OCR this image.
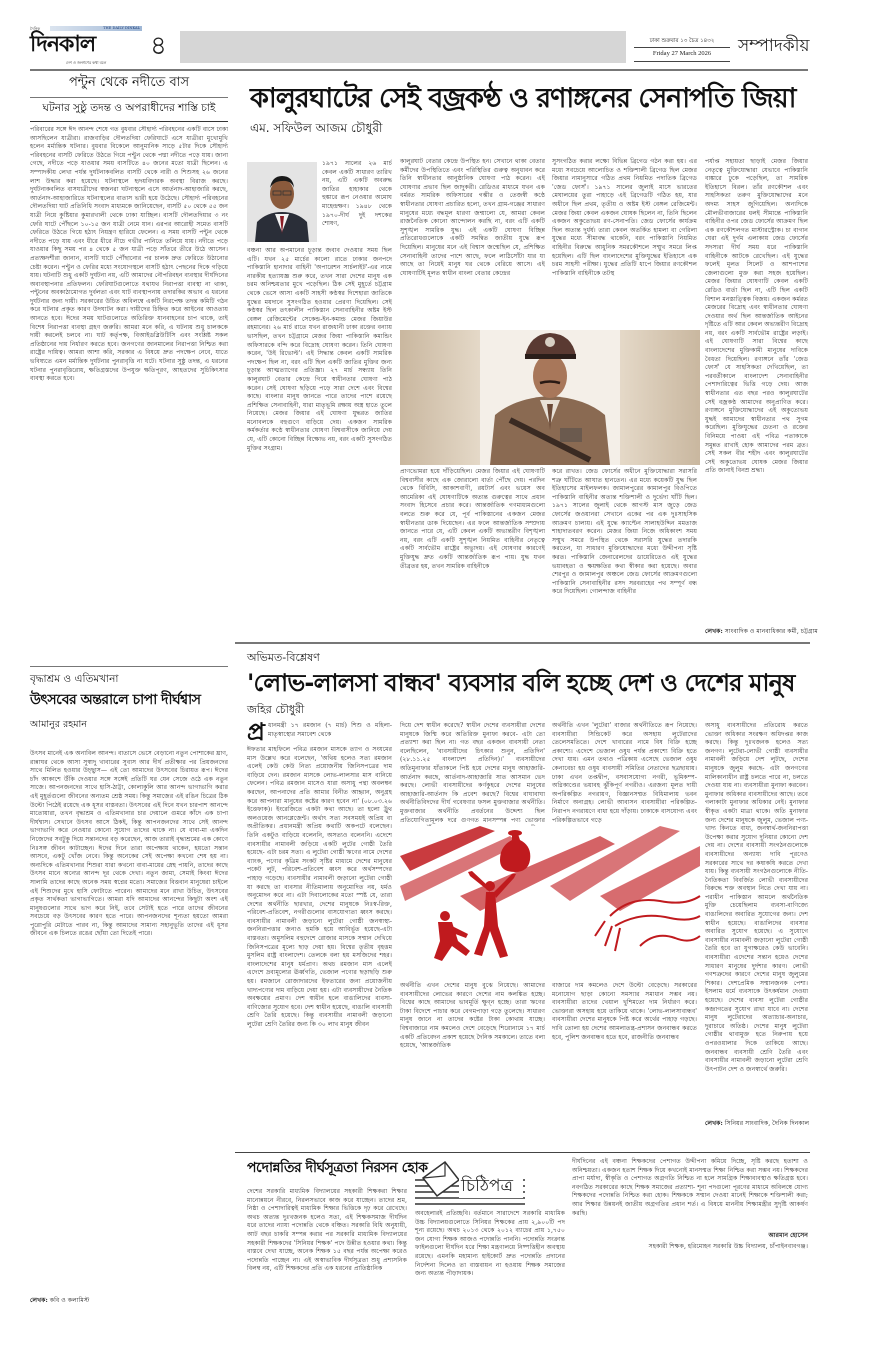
দৈনিক	THE DAILY DINKAL
দিনকাল
দেশ ও জনগণের কথা বলে
৪	ঢাকা শুক্রবার ১৩ চৈত্র ১৪৩২
Friday 27 March 2026	সম্পাদকীয়
পন্টুন থেকে নদীতে বাস
ঘটনার সুষ্ঠু তদন্ত ও অপরাধীদের শাস্তি চাই
পরিবারের সঙ্গে ঈদ আনন্দ শেষে গত বুধবার সৌহার্দ্য পরিবহনের একটি বাসে ঢাকা আসছিলেন যাত্রীরা। রাজবাড়ির দৌলতদিয়া ফেরিঘাটে এসে যাত্রীরা মুখোমুখি হলেন মর্মান্তিক ঘটনার। বুধবার বিকেলে আনুমানিক সাড়ে ৫টার দিকে সৌহার্দ্য পরিবহনের বাসটি ফেরিতে উঠতে গিয়ে পন্টুন থেকে পদ্মা নদীতে পড়ে যায়। জানা গেছে, নদীতে পড়ে যাওয়ার সময় বাসটিতে ৪০ জনের মতো যাত্রী ছিলেন। এ সম্পাদকীয় লেখা পর্যন্ত দুর্ঘটনাকবলিত বাসটি থেকে নারী ও শিশুসহ ২৬ জনের লাশ উদ্ধার করা হয়েছে। ঘটনাস্থলে হৃদয়বিদারক অবস্থা বিরাজ করছে। দুর্ঘটনাকবলিত বাসযাত্রীদের স্বজনরা ঘটনাস্থলে এসে আর্তনাদ-আহাজারি করছে, আর্তনাদ-আহাজারিতে ঘটনাস্থলের বাতাস ভারী হয়ে উঠেছে। সৌহার্দ্য পরিবহনের দৌলতদিয়া ঘাট প্রতিনিধি সংবাদ মাধ্যমকে জানিয়েছেন, বাসটি ৫০ থেকে ৫৫ জন যাত্রী নিয়ে কুষ্টিয়ার কুমারখালী থেকে ঢাকা যাচ্ছিল। বাসটি দৌলতদিয়ার ৩ নং ফেরি ঘাটে পৌঁছলে ১০-১৫ জন যাত্রী নেমে যান। এরপর আরোহী সমেত বাসটি ফেরিতে উঠতে গিয়ে হঠাৎ নিয়ন্ত্রণ হারিয়ে ফেলেন। এ সময় বাসটি পন্টুন থেকে নদীতে পড়ে যায় এবং ধীরে ধীরে নীচে গভীর পানিতে তলিয়ে যায়। নদীতে পড়ে যাওয়ার কিছু সময় পর ৪ থেকে ৫ জন যাত্রী পড়ে সাঁতরে তীরে উঠে আসেন। প্রত্যক্ষদর্শীরা জানান, বাসটি ঘাটে পৌঁছানোর পর চালক দ্রুত ফেরিতে উঠানোর চেষ্টা করেন। পন্টুন ও ফেরির মধ্যে সংযোগস্থলে বাসটি হঠাৎ পেছনের দিকে গড়িয়ে যায়। ঘটনাটি শুধু একটি দুর্ঘটনা নয়, এটি আমাদের নৌপরিবহন ব্যবস্থার দীর্ঘদিনের অব্যবস্থাপনার প্রতিফলন। ফেরিঘাটগুলোতে যথাযথ নিরাপত্তা ব্যবস্থা না থাকা, পন্টুনের অবকাঠামোগত দুর্বলতা এবং ঘাট ব্যবস্থাপনায় তদারকির অভাব এ ধরনের দুর্ঘটনার জন্য দায়ী। সরকারের উচিত অবিলম্বে একটি নিরপেক্ষ তদন্ত কমিটি গঠন করে ঘটনার প্রকৃত কারণ উদঘাটন করা। দায়ীদের চিহ্নিত করে আইনের আওতায় আনতে হবে। ঈদের সময় ঘাটগুলোতে অতিরিক্ত যানবাহনের চাপ থাকে, তাই বিশেষ নিরাপত্তা ব্যবস্থা গ্রহণ জরুরি। আমরা মনে করি, এ ঘটনায় শুধু চালককে দায়ী করলেই চলবে না। ঘাট কর্তৃপক্ষ, বিআইডব্লিউটিসি এবং সংশ্লিষ্ট সকল প্রতিষ্ঠানের দায় নির্ধারণ করতে হবে। জনগণের জানমালের নিরাপত্তা নিশ্চিত করা রাষ্ট্রের দায়িত্ব। আমরা আশা করি, সরকার এ বিষয়ে দ্রুত পদক্ষেপ নেবে, যাতে ভবিষ্যতে এমন মর্মান্তিক দুর্ঘটনার পুনরাবৃত্তি না ঘটে। ঘটনার সুষ্ঠু তদন্ত, এ ধরনের ঘটনার পুনরাবৃত্তিরোধ, ক্ষতিগ্রস্তদের উপযুক্ত ক্ষতিপূরণ, আহতদের সুচিকিৎসার ব্যবস্থা করতে হবে।
বৃদ্ধাশ্রম ও এতিমখানা
উৎসবের অন্তরালে চাপা দীর্ঘশ্বাস
আমানুর রহমান
উৎসব মানেই এক অনাবিল আনন্দ। বাতাসে ভেসে বেড়ানো নতুন পোশাকের ঘ্রাণ, রান্নাঘর থেকে আসা সুস্বাদু খাবারের সুবাস আর দীর্ঘ প্রতীক্ষার পর প্রিয়জনদের সাথে মিলিত হওয়ার উচ্ছ্বাস— এই তো আমাদের উৎসবের চিরায়ত রূপ। ঈদের চাঁদ আকাশে উঁকি দেওয়ার সঙ্গে সঙ্গেই প্রতিটি ঘর যেন সেজে ওঠে এক নতুন সাজে। আপনজনদের সাথে হাসি-ঠাট্টা, কোলাকুলি আর আনন্দ ভাগাভাগি করার এই মুহূর্তগুলো জীবনের অন্যতম শ্রেষ্ঠ সময়। কিন্তু সমাজের এই রঙিন চিত্রের ঠিক উল্টো পিঠেই রয়েছে এক ধূসর বাস্তবতা। উৎসবের এই দিনে যখন চারপাশ আনন্দে মাতোয়ারা, তখন বৃদ্ধাশ্রম ও এতিমখানার চার দেয়ালে গুমরে কাঁদে এক চাপা দীর্ঘশ্বাস। সেখানে উৎসব আসে ঠিকই, কিন্তু আপনজনদের সাথে সেই আনন্দ ভাগাভাগি করে নেওয়ার কোনো সুযোগ তাদের থাকে না। যে বাবা-মা একদিন নিজেদের সবটুকু দিয়ে সন্তানদের বড় করেছেন, আজ তারাই বৃদ্ধাশ্রমের এক কোণে নিঃসঙ্গ জীবন কাটাচ্ছেন। ঈদের দিনে তারা অপেক্ষায় থাকেন, হয়তো সন্তান আসবে, একটু খোঁজ নেবে। কিন্তু অনেকের সেই অপেক্ষা কখনো শেষ হয় না। অন্যদিকে এতিমখানার শিশুরা যারা কখনো বাবা-মায়ের স্নেহ পায়নি, তাদের কাছে উৎসব মানে অন্যের আনন্দ দূর থেকে দেখা। নতুন জামা, সেমাই কিংবা ঈদের সালামি তাদের কাছে অনেক সময় স্বপ্নের মতো। সমাজের বিত্তবান মানুষেরা চাইলে এই শিশুদের মুখে হাসি ফোটাতে পারেন। আমাদের মনে রাখা উচিত, উৎসবের প্রকৃত সার্থকতা ভাগাভাগিতে। আমরা যদি আমাদের আনন্দের কিছুটা অংশ এই মানুষগুলোর সাথে ভাগ করে নিই, তবে সেটাই হতে পারে তাদের জীবনের সবচেয়ে বড় উৎসবের কারণ হতে পারে। আপনজনদের শূন্যতা হয়তো আমরা পুরোপুরি মেটাতে পারব না, কিন্তু আমাদের সামান্য সহানুভূতি তাদের এই ধূসর জীবনে এক চিলতে রঙের ছোঁয়া তো দিতেই পারে।
লেখক: কবি ও কলামিস্ট
কালুরঘাটের সেই বজ্রকণ্ঠ ও রণাঙ্গনের সেনাপতি জিয়া
এম. সফিউল আজম চৌধুরী
১৯৭১ সালের ২৬ মার্চ কেবল একটি সাধারণ তারিখ নয়, এটি একটি অবরুদ্ধ জাতির হাহাকার থেকে হুঙ্কারে রূপ নেওয়ার অমোঘ মাহেন্দ্রক্ষণ। ১৯৪৮ থেকে ১৯৭০-দীর্ঘ দুই দশকের শোষণ,
বঞ্চনা আর অপমানের চূড়ান্ত জবাব দেওয়ার সময় ছিল এটি। যখন ২৫ মার্চের কালো রাতে ঢাকার জনপদে পাকিস্তানি হানাদার বাহিনী 'অপারেশন সার্চলাইট'-এর নামে নারকীয় হত্যাযজ্ঞ শুরু করে, তখন সারা দেশের মানুষ এক চরম অনিশ্চয়তার মুখে পড়েছিল। ঠিক সেই মুহূর্তে চট্টগ্রাম থেকে ভেসে আসা একটি সাহসী কণ্ঠস্বর দিশেহারা জাতিকে যুদ্ধের ময়দানে সুসংগঠিত হওয়ার প্রেরণা দিয়েছিল। সেই কণ্ঠস্বর ছিল তৎকালীন পাকিস্তান সেনাবাহিনীর অষ্টম ইস্ট বেঙ্গল রেজিমেন্টের সেকেন্ড-ইন-কমান্ড মেজর জিয়াউর রহমানের। ২৬ মার্চ রাতে যখন রাজধানী ঢাকা রক্তের বন্যায় ভাসছিল, তখন চট্টগ্রামে মেজর জিয়া পাকিস্তানি কমান্ডিং অফিসারকে বন্দি করে বিদ্রোহ ঘোষণা করেন। তিনি ঘোষণা করেন, 'উই রিভোল্ট'। এই সিদ্ধান্ত কেবল একটি সামরিক পদক্ষেপ ছিল না, বরং এটি ছিল একটি জাতির মুক্তির জন্য চূড়ান্ত আত্মত্যাগের প্রতিজ্ঞা। ২৭ মার্চ সন্ধ্যায় তিনি কালুরঘাট বেতার কেন্দ্রে গিয়ে স্বাধীনতার ঘোষণা পাঠ করেন। সেই ঘোষণা ছড়িয়ে পড়ে সারা দেশে এবং বিশ্বের কাছে। বাংলার মানুষ জানতে পারে তাদের পাশে রয়েছে প্রশিক্ষিত সেনাবাহিনী, যারা মাতৃভূমি রক্ষায় অস্ত্র হাতে তুলে নিয়েছে। মেজর জিয়ার এই ঘোষণা যুদ্ধরত জাতির মনোবলকে বহুগুণে বাড়িয়ে দেয়। একজন সামরিক কর্মকর্তার কণ্ঠে স্বাধীনতার ঘোষণা বিশ্ববাসীকে জানিয়ে দেয় যে, এটি কোনো বিচ্ছিন্ন বিক্ষোভ নয়, বরং একটি সুসংগঠিত মুক্তির সংগ্রাম।
কালুরঘাট বেতার কেন্দ্রে উপস্থিত হন। সেখানে থাকা বেতার কর্মীদের উপস্থিতিতে এবং পরিস্থিতির গুরুত্ব অনুধাবন করে তিনি স্বাধীনতার আনুষ্ঠানিক ঘোষণা পাঠ করেন। এই ঘোষণার প্রভাব ছিল জাদুকরী। রেডিওর মাধ্যমে যখন এক বর্মরত সামরিক অফিসারের গম্ভীর ও তেজস্বী কণ্ঠে স্বাধীনতার ঘোষণা প্রচারিত হলো, তখন গ্রাম-গঞ্জের সাধারণ মানুষের মধ্যে বদ্ধমূল ধারণা জন্মালো যে, আমরা কেবল রাজনৈতিক কোনো আন্দোলন করছি না, বরং এটি একটি সুশৃঙ্খল সামরিক যুদ্ধ। এই একটি ঘোষণা বিচ্ছিন্ন প্রতিরোধগুলোকে একটি সমন্বিত জাতীয় যুদ্ধে রূপ দিয়েছিল। মানুষের মনে এই বিশ্বাস জন্মেছিল যে, প্রশিক্ষিত সেনাবাহিনী তাদের পাশে আছে, ফলে লাঠিসোঁটা যার যা আছে তা নিয়েই মানুষ ঘর থেকে বেরিয়ে আসে। এই ঘোষণাটিই মূলত স্বাধীন বাংলা বেতার কেন্দ্রের
সুসংগঠিত করার লক্ষ্যে বিভিন্ন ব্রিগেড গঠন করা হয়। এর মধ্যে সবচেয়ে আলোচিত ও শক্তিশালী ব্রিগেড ছিল মেজর জিয়ার নামানুসারে গঠিত প্রথম নিয়মিত পদাতিক ব্রিগেড 'জেড ফোর্স'। ১৯৭১ সালের জুলাই মাসে ভারতের মেঘালয়ের তুরা পাহাড়ে এই ব্রিগেডটি গঠিত হয়, যার অধীনে ছিল প্রথম, তৃতীয় ও অষ্টম ইস্ট বেঙ্গল রেজিমেন্ট। মেজর জিয়া কেবল একজন ঘোষক ছিলেন না, তিনি ছিলেন একজন অকুতোভয় রণ-সেনাপতি। জেড ফোর্সের কার্যক্রম ছিল অত্যন্ত দুর্ধর্ষ। তারা কেবল অতর্কিত হামলা বা গেরিলা যুদ্ধের মধ্যে সীমাবদ্ধ থাকেনি, বরং পাকিস্তানি নিয়মিত বাহিনীর বিরুদ্ধে আধুনিক সমরকৌশলে সম্মুখ সমরে লিপ্ত হয়েছিল। এটি ছিল বাংলাদেশের মুক্তিযুদ্ধের ইতিহাসে এক চরম সাহসী পরীক্ষা। যুদ্ধের প্রতিটি ধাপে জিয়ার রণকৌশল পাকিস্তানি বাহিনীকে তটস্থ
পর্যাপ্ত সহায়তা ছাড়াই মেজর জিয়ার নেতৃত্বে মুক্তিযোদ্ধারা যেভাবে পাকিস্তানি বাঙ্কারে ঢুকে পড়েছিল, তা সামরিক ইতিহাসে বিরল। তাঁর রণকৌশল এবং সাহসিকতা তরুণ মুক্তিযোদ্ধাদের মনে অদম্য সাহস জুগিয়েছিল। অন্যদিকে মৌলভীবাজারের ধলই সীমান্তে পাকিস্তানি বাহিনীর ওপর জেড ফোর্সের আক্রমণ ছিল এক রণকৌশলগত মাস্টারস্ট্রোক। চা বাগান ঘেরা এই দুর্গম এলাকায় জেড ফোর্সের সদস্যরা দীর্ঘ সময় ধরে পাকিস্তানি বাহিনীকে আটকে রেখেছিল। এই যুদ্ধের ফলেই মূলত সিলেট ও আশপাশের জেলাগুলো মুক্ত করা সহজ হয়েছিল। মেজর জিয়ার ঘোষণাটি কেবল একটি রেডিও বার্তা ছিল না, এটি ছিল একটি বিশাল মনস্তাত্ত্বিক বিজয়। একজন কর্মরত মেজরের বিদ্রোহ এবং স্বাধীনতার ঘোষণা দেওয়ার অর্থ ছিল আন্তর্জাতিক আইনের দৃষ্টিতে এটি আর কেবল অভ্যন্তরীণ বিদ্রোহ নয়, বরং একটি সার্বভৌম রাষ্ট্রের লড়াই। এই ঘোষণাটি সারা বিশ্বের কাছে বাংলাদেশের মুক্তিকামী মানুষের দাবিকে বৈধতা দিয়েছিল। রণাঙ্গনে তাঁর 'জেড ফোর্স' যে সাহসিকতা দেখিয়েছিল, তা পরবর্তীকালে বাংলাদেশ সেনাবাহিনীর পেশাদারিত্বের ভিত্তি গড়ে দেয়। আজ স্বাধীনতার এত বছর পরও কালুরঘাটের সেই বজ্রকণ্ঠ আমাদের অনুপ্রাণিত করে। রণাঙ্গনে মুক্তিযোদ্ধাদের এই অকুতোভয় যুদ্ধই আমাদের স্বাধীনতার পথ সুগম করেছিল। মুক্তিযুদ্ধের চেতনা ও রক্তের বিনিময়ে পাওয়া এই পবিত্র পতাকাকে সমুন্নত রাখাই হোক আমাদের পরম ব্রত। সেই সকল বীর শহীদ এবং কালুরঘাটের সেই অকুতোভয় ঘোষক মেজর জিয়ার প্রতি জানাই বিনম্র শ্রদ্ধা।
প্রাণভোমরা হয়ে দাঁড়িয়েছিল। মেজর জিয়ার এই ঘোষণাটি বিশ্ববাসীর কাছে এক জোরালো বার্তা পৌঁছে দেয়। পরদিন থেকে বিবিসি, আকাশবাণী, রয়টার্স এবং ভয়েস অব আমেরিকা এই ঘোষণাটিকে অত্যন্ত গুরুত্বের সাথে প্রধান সংবাদ হিসেবে প্রচার করে। আন্তর্জাতিক গণমাধ্যমগুলো বলতে শুরু করে যে, পূর্ব পাকিস্তানের একজন মেজর স্বাধীনতার ডাক দিয়েছেন। এর ফলে আন্তর্জাতিক সম্প্রদায় জানতে পারে যে, এটি কেবল একটি অভ্যন্তরীণ বিশৃঙ্খলা নয়, বরং এটি একটি সুশৃঙ্খল নিয়মিত বাহিনীর নেতৃত্বে একটি সার্বভৌম রাষ্ট্রের অভ্যুদয়। এই ঘোষণার কারণেই মুক্তিযুদ্ধ দ্রুত একটি আন্তর্জাতিক রূপ পায়। যুদ্ধ যখন তীব্রতর হয়, তখন সামরিক বাহিনীকে
করে রাখত। জেড ফোর্সের অধীনে মুক্তিযোদ্ধারা সরাসরি শত্রু ঘাঁটিতে আঘাত হানতেন। এর মধ্যে কয়েকটি যুদ্ধ ছিল ইতিহাসের মাইলফলক। জামালপুরের কামালপুর বিওপিতে পাকিস্তানি বাহিনীর অত্যন্ত শক্তিশালী ও দুর্ভেদ্য ঘাঁটি ছিল। ১৯৭১ সালের জুলাই থেকে আগস্ট মাস জুড়ে জেড ফোর্সের জওয়ানরা সেখানে একের পর এক দুঃসাহসিক আক্রমণ চালায়। এই যুদ্ধে ক্যাপ্টেন সালাহউদ্দিন মমতাজ শাহাদাতবরণ করেন। মেজর জিয়া নিজে অধিকাংশ সময় সম্মুখ সমরে উপস্থিত থেকে সরাসরি যুদ্ধের তদারকি করতেন, যা সাধারণ মুক্তিযোদ্ধাদের মধ্যে উদ্দীপনা সৃষ্টি করত। পাকিস্তানি জেনারেলদের ডায়েরিতেও এই যুদ্ধের ভয়াবহতা ও ক্ষয়ক্ষতির কথা স্বীকার করা হয়েছে। অবার শেরপুর ও জামালপুর অঞ্চলে জেড ফোর্সের আক্রমণগুলো পাকিস্তানি সেনাবাহিনীর রসদ সরবরাহের পথ সম্পূর্ণ বন্ধ করে দিয়েছিল। গোলন্দাজ বাহিনীর
লেখক: সাংবাদিক ও মানবাধিকার কর্মী, চট্টগ্রাম
অভিমত-বিশ্লেষণ
'লোভ-লালসা বান্ধব' ব্যবসার বলি হচ্ছে দেশ ও দেশের মানুষ
জহির চৌধুরী
প্র ধানমন্ত্রী ১৭ রমজান (৭ মার্চ) শিশু ও মহিলা-মাতৃস্বাস্থ্যের সমাবেশ থেকে
ঈফতার মাহফিলে পবিত্র রমজান মাসকে ত্যাগ ও সংযমের মাস উল্লেখ করে বলেছেন, 'অথিয় হলেও সত্য রমজান এলেই কেউ কেউ নিত্য প্রয়োজনীয় জিনিসপত্রের দাম বাড়িয়ে দেন। রমজান মাসকে লোভ-লালসার মাস বানিয়ে ফেলেন। পবিত্র রমজান মাসেও যারা অসাধু পন্থা অবলম্বন করছেন, আপনাদের প্রতি আমার বিনীত আহ্বান, অনুগ্রহ করে আপনারা মানুষের কষ্টের কারণ হবেন না' (০৮.০৩.২৬ ইত্তেফাক)। ইংরেজিতে একটা কথা আছে। তা হলো ট্রুথ অলওয়েজ আনপ্লেজেন্ট। অর্থাৎ সত্য সবসময়ই অপ্রিয় বা অপ্রীতিকর। প্রধানমন্ত্রী অপ্রিয় কথাটি অকপটে বলেছেন। তিনি একটুও বাড়িয়ে বলেননি, অসত্যও বলেননি। এদেশে ব্যবসায়ীর নামাবলী জড়িয়ে একটি লুটের গোষ্ঠী তৈরি হয়েছে- এটা চরম সত্য। এ লুটেরা গোষ্ঠী ঋণের নামে দেশের ব্যাংক, পণ্যের কৃত্রিম সংকট সৃষ্টির মাধ্যমে দেশের মানুষের পকেট লুট, পরিবেশ-প্রতিবেশ ধ্বংস করে অর্থসম্পদের পাহাড় গড়েছে। ব্যবসায়ীর নামাবলী জড়ানো লুটেরা গোষ্ঠী যা করছে তা ব্যবসার নীতিমালায় অনুমোদিত নয়, ধর্মও অনুমোদন করে না। এটা দিবালোকের মতো স্পষ্ট যে, তারা দেশের অর্থনীতি ছারখার, দেশের মানুষকে নিঃস্ব-রিক্ত, পরিবেশ-প্রতিবেশ, নগরীগুলোর বাসযোগ্যতা ধ্বংস করছে। ব্যবসায়ীর নামাবলী জড়ানো লুটেরা গোষ্ঠী জনস্বাস্থ্য-জননিরাপত্তার জন্যও হুমকি হয়ে আবির্ভূত হয়েছে-এটা বাস্তবতা। অমুসলিম বহুদেশে রোজার মাসকে সম্মান দেখিয়ে জিনিসপত্রের মূল্যে ছাড় দেয়া হয়। বিশ্বের তৃতীয় বৃহত্তম মুসলিম রাষ্ট্র বাংলাদেশ। তেলকে বলা হয় মসজিদের শহর। বাংলাদেশের মানুষ ধর্মপ্রাণ। অথচ রমজান মাস এলেই এদেশে দ্রব্যমূল্যের ঊর্ধ্বগতি, ভেজাল পণ্যের ছড়াছড়ি শুরু হয়। রমজানে রোজাদারদের ইফতারের জন্য প্রয়োজনীয় খাদ্যপণ্যের দাম বাড়িয়ে দেয়া হয়। এটা ব্যবসায়ীদের নৈতিক অবক্ষয়ের প্রমাণ। দেশ স্বাধীন হলে বাঙালিদের ব্যবসা-বাণিজ্যের সুযোগ হবে। দেশ স্বাধীন হয়েছে, বাঙালি ব্যবসায়ী শ্রেণি তৈরি হয়েছে। কিন্তু ব্যবসায়ীর নামাবলী জড়ানো লুটেরা শ্রেণি তৈরির জন্য কি ৩০ লাখ মানুষ জীবন
দিয়ে দেশ স্বাধীন করেছে? স্বাধীন দেশের ব্যবসায়ীরা দেশের মানুষকে জিম্মি করে অতিরিক্ত মুনাফা করবে- এটা তো প্রত্যাশা করা ছিল না। গত বছর একজন বাবসায়ী নেতা বলেছিলেন, 'ব্যবসায়ীদের চিৎকার শুনুন, প্রতিদিন' (২৮.১১.২৫ বাংলাদেশ প্রতিদিন)।' ব্যবসায়ীদের অতিমুনাফার যাঁতাকলে পিষ্ট হয়ে দেশের মানুষ আহাজারি-আর্তনাদ করছে, আর্তনাদ-আহাজারি সাত আসমান ভেদ করছে। লোভী ব্যবসায়ীদের কর্ণকুহরে দেশের মানুষের আহাজারি-আর্তনাদ কি প্রবেশ করছে? বিশ্বের বাঘাবাঘা অর্থনীতিবিদদের দীর্ঘ গবেষণার ফসল মুক্তবাজার অর্থনীতি। মুক্তবাজার অর্থনীতি প্রবর্তনের উদ্দেশ্য ছিল প্রতিযোগিতামূলক দরে গুণগত মানসম্পন্ন পণ্য ভোক্তার
অর্থনীতি এখন 'লুটেরা' বাজার অর্থনীতিতে রূপ নিয়েছে। ব্যবসায়ীরা সিন্ডিকেট করে অসহায় লুটেরাদের তেলেসমতিতে। দেশে খাবারের নামে বিষ বিক্রি হচ্ছে প্রকাশ্যে। এদেশে ভেজাল ওষুধ পর্যন্ত প্রকাশ্যে বিক্রি হতে দেখা যায়। এমন তথ্যও পত্রিকায় এসেছে ভেজাল ওষুধ কেনাবেচা হয় ওষুধ ব্যবসায়ী সমিতির নেতাদের ছত্রছায়ায়। ঢাকা এখন তপ্তদ্বীপ, বসবাসযোগ্য নগরী, ভূমিকম্প-অগ্নিকাণ্ডের ভয়াবহ ঝুঁকিপূর্ণ নগরীও। এরজন্য মূলত দায়ী অপরিকল্পিত নগরায়ণ, বিজ্ঞানসম্মত বিধিমালায় ভবন নির্মাণে অনাগ্রহ। লোভী আবাসন ব্যবসায়ীরা পরিকল্পিত-নিরাপদ নগরায়ণে বাধা হয়ে দাঁড়ায়। ঢাকাকে বাসযোগ্য এবং পরিকল্পিতভাবে গড়ে
অসাধু ব্যবসায়ীদের প্রতিরোধ করতে ভোক্তা অধিকার সংরক্ষণ অধিদপ্তর কাজ করছে। কিন্তু দুঃখজনক হলেও সত্য জনগণ। লুটেরা-লোভী গোষ্ঠী ব্যবসায়ীর নামাবলী জড়িয়ে দেশ লুটছে, দেশের মানুষকে জুলুম করছে- এটা জনগণের মালিকানাধীন রাষ্ট্র চলতে পারে না, চলতে দেওয়া যায় না। ব্যবসায়ীরা মুনাফা করবেন। মুনাফার অধিকার ব্যবসায়ীদের আছে। তবে গলাকাটা মুনাফার অধিকার নেই। মুনাফার স্বীকৃত একটা মাত্রা থাকে। অতি মুনাফার জন্য দেশের মানুষকে জুলুম, ভেজাল পণ্য-খাদ্য কিনতে বাধ্য, জনস্বার্থ-জননিরাপত্তা উপেক্ষা করার সুযোগ দুনিয়ার কোনো দেশ দেয় না। দেশের ব্যবসায়ী সংগঠনগুলোকে ব্যবসায়ীদের অন্যায্য দাবি পূরণেও সরকারের সাথে দর কষাকষি করতে দেখা যায়। কিন্তু ব্যবসায়ী সংগঠনগুলোকে নীতি-নৈতিকতা বিবর্জিত লোভী ব্যবসায়ীদের বিরুদ্ধে শক্ত অবস্থান নিতে দেখা যায় না। পরাধীন পাকিস্তান আমলে অর্থনৈতিক মুক্তি চেয়েছিলাম ব্যবসা-বাণিজ্যে বাঙালিদের অবারিত সুযোগের জন্য। দেশ স্বাধীন হয়েছে। বাঙালিদের ব্যবসার অবারিত সুযোগ হয়েছে। এ সুযোগে ব্যবসায়ীর নামাবলী জড়ানো লুটেরা গোষ্ঠী তৈরি হবে তা যুগাক্ষরেও কেউ ভাবেনি। ব্যবসায়ীরা এদেশের সন্তান হয়েও দেশের সাধারণ মানুষের দুর্দশার কারণ। লোভী গণশত্রুদের কারণে দেশের মানুষ জুলুমের শিকার। দেশপ্রেমিক সম্মানজনক পেশা। ইসলাম ধর্মে ব্যবসাকে উৎকর্ষমান দেওয়া হয়েছে। দেশের ব্যবসা লুটেরা গোষ্ঠীর কব্জাগতের সুযোগ রাখা যাবে না। দেশের মানুষ লুটেরাদের অত্যাচার-অনাচার, দুরাচারে অতিষ্ঠ। দেশের মানুষ লুটেরা গোষ্ঠীর থাবামুক্ত হতে নিরুপায় হয়ে ওপরওয়ালার দিকে তাকিয়ে আছে। জনবান্ধব ব্যবসায়ী শ্রেণি তৈরি এবং ব্যবসায়ীর নামাবলী জড়ানো লুটেরা শ্রেণি উৎপাটন দেশ ও জনস্বার্থে জরুরি।
অর্থনীতি এখন দেশের মানুষ বুঝে নিয়েছে। আমাদের ব্যবসায়ীদের লোভের কারণে দেশের নাম কলঙ্কিত হচ্ছে। বিশ্বের কাছে আমাদের ভাবমূর্তি ক্ষুণ্ন হচ্ছে। তারা ঋণের টাকা বিদেশে পাচার করে বেগমপাড়া গড়ে তুলেছে। সাধারণ মানুষ জানে না তাদের কষ্টের টাকা কোথায় যাচ্ছে। বিশ্ববাজারে নাম কমলেও দেশে বেড়েছে শিরোনামে ১৭ মার্চ একটি প্রতিবেদন প্রকাশ হয়েছে দৈনিক সমকালে। তাতে বলা হয়েছে, 'আন্তর্জাতিক
বাজারে দাম কমলেও দেশে উল্টো বেড়েছে। সরকারের মনোযোগ ছাড়া কোনো সমস্যার সমাধান সম্ভব নয়। ব্যবসায়ীরা তাদের খেয়াল খুশিমতো দাম নির্ধারণ করে। ভোক্তারা অসহায় হয়ে তাকিয়ে থাকে। 'লোভ-লালসাবান্ধব' ব্যবসায়ীরা দেশের মানুষকে পিষ্ট করে অর্থের পাহাড় গড়ছে। দাবি তোলা হয় দেশের আমলাতন্ত্র-প্রশাসন জনবান্ধব করতে হবে, পুলিশ জনবান্ধব হতে হবে, রাজনীতি জনবান্ধব
লেখক: সিনিয়র সাংবাদিক, দৈনিক দিনকাল
পদোন্নতির দীর্ঘসূত্রতা নিরসন হোক
দেশের সরকারি মাধ্যমিক বিদ্যালয়ের সহকারী শিক্ষকরা শিক্ষার মানোন্নয়নে নীরবে, নিরলসভাবে কাজ করে যাচ্ছেন। তাদের শ্রম, নিষ্ঠা ও পেশাদারিত্বই মাধ্যমিক শিক্ষার ভিত্তিকে দৃঢ় করে রেখেছে। অথচ অত্যন্ত দুঃখজনক হলেও সত্য, এই শিক্ষকসমাজ দীর্ঘদিন ধরে তাদের ন্যায্য পদোন্নতি থেকে বঞ্চিত। সরকারি বিধি অনুযায়ী, আট বছর চাকরি সম্পন্ন করার পর সরকারি মাধ্যমিক বিদ্যালয়ের সহকারী শিক্ষকদের 'সিনিয়র শিক্ষক' পদে উন্নীত হওয়ার কথা। কিন্তু বাস্তবে দেখা যাচ্ছে, অনেক শিক্ষক ১৫ বছর পর্যন্ত অপেক্ষা করেও পদোন্নতি পাচ্ছেন না। এই অস্বাভাবিক দীর্ঘসূত্রতা শুধু প্রশাসনিক বিলম্ব নয়, এটি শিক্ষকদের প্রতি এক ধরনের প্রাতিষ্ঠানিক
চিঠিপত্র
অবহেলারই প্রতিচ্ছবি। বর্তমানে সারাদেশে সরকারি মাধ্যমিক উচ্চ বিদ্যালয়গুলোতে সিনিয়র শিক্ষকের প্রায় ২,৯০০টি পদ শূন্য রয়েছে। অথচ ২০১৩ থেকে ২০১২ ব্যাচের প্রায় ১,৭৫০ জন যোগ্য শিক্ষক আজও পদোন্নতি পাননি। পদোন্নতি সংক্রান্ত ফাইলগুলো দীর্ঘদিন ধরে শিক্ষা মন্ত্রণালয়ে নিষ্পত্তিহীন অবস্থায় রয়েছে। এমনকি মহামান্য হাইকোর্ট দ্রুত পদোন্নতি প্রদানের নির্দেশনা দিলেও তা বাস্তবায়ন না হওয়ায় শিক্ষক সমাজের জন্য অত্যন্ত পীড়াদায়ক।
দীর্ঘদিনের এই বঞ্চনা শিক্ষকদের পেশাগত উদ্দীপনা কমিয়ে দিচ্ছে, সৃষ্টি করছে হতাশা ও অনিশ্চয়তা। একজন হতাশ শিক্ষক দিয়ে কখনোই মানসম্মত শিক্ষা নিশ্চিত করা সম্ভব নয়। শিক্ষকদের প্রাপ্য মর্যাদা, স্বীকৃতি ও পেশাগত অগ্রগতি নিশ্চিত না হলে সামগ্রিক শিক্ষাব্যবস্থাও ক্ষতিগ্রস্ত হবে। নবগঠিত সরকারের কাছে শিক্ষক সমাজের প্রত্যাশা- শূন্য পদগুলো পূরণের মাধ্যমে অবিলম্বে যোগ্য শিক্ষকদের পদোন্নতি নিশ্চিত করা হোক। শিক্ষককে সম্মান দেওয়া মানেই শিক্ষাকে শক্তিশালী করা; আর শিক্ষার উন্নয়নই জাতীয় অগ্রগতির প্রধান শর্ত। এ বিষয়ে মাননীয় শিক্ষামন্ত্রীর সুদৃষ্টি আকর্ষণ করছি।
আরমান হোসেন
সহকারী শিক্ষক, হরিমোহন সরকারি উচ্চ বিদ্যালয়, চাঁপাইনবাবগঞ্জ।
